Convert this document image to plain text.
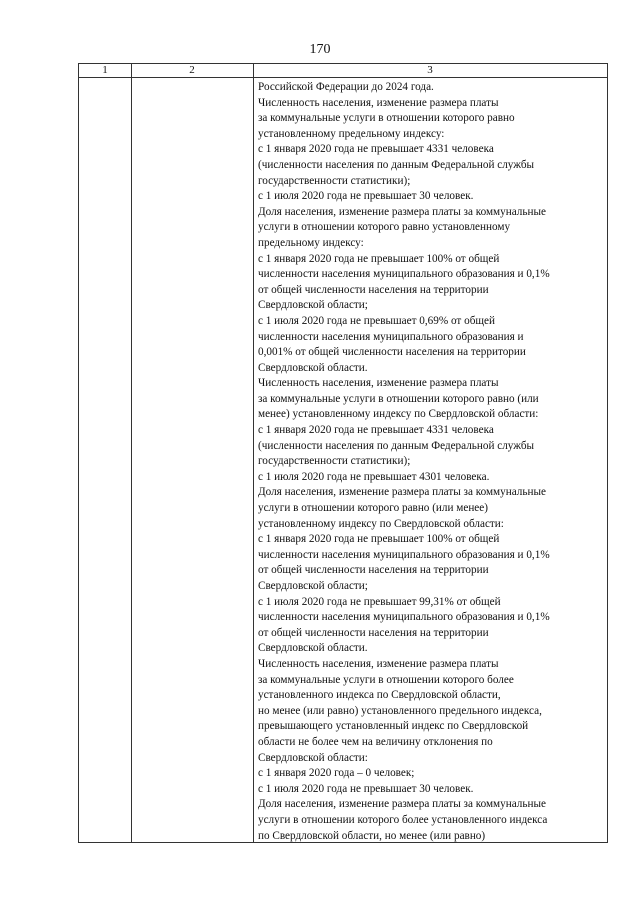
170
1	2	3
Российской Федерации до 2024 года.
Численность населения, изменение размера платы
за коммунальные услуги в отношении которого равно
установленному предельному индексу:
с 1 января 2020 года не превышает 4331 человека
(численности населения по данным Федеральной службы
государственности статистики);
с 1 июля 2020 года не превышает 30 человек.
Доля населения, изменение размера платы за коммунальные
услуги в отношении которого равно установленному
предельному индексу:
с 1 января 2020 года не превышает 100% от общей
численности населения муниципального образования и 0,1%
от общей численности населения на территории
Свердловской области;
с 1 июля 2020 года не превышает 0,69% от общей
численности населения муниципального образования и
0,001% от общей численности населения на территории
Свердловской области.
Численность населения, изменение размера платы
за коммунальные услуги в отношении которого равно (или
менее) установленному индексу по Свердловской области:
с 1 января 2020 года не превышает 4331 человека
(численности населения по данным Федеральной службы
государственности статистики);
с 1 июля 2020 года не превышает 4301 человека.
Доля населения, изменение размера платы за коммунальные
услуги в отношении которого равно (или менее)
установленному индексу по Свердловской области:
с 1 января 2020 года не превышает 100% от общей
численности населения муниципального образования и 0,1%
от общей численности населения на территории
Свердловской области;
с 1 июля 2020 года не превышает 99,31% от общей
численности населения муниципального образования и 0,1%
от общей численности населения на территории
Свердловской области.
Численность населения, изменение размера платы
за коммунальные услуги в отношении которого более
установленного индекса по Свердловской области,
но менее (или равно) установленного предельного индекса,
превышающего установленный индекс по Свердловской
области не более чем на величину отклонения по
Свердловской области:
с 1 января 2020 года – 0 человек;
с 1 июля 2020 года не превышает 30 человек.
Доля населения, изменение размера платы за коммунальные
услуги в отношении которого более установленного индекса
по Свердловской области, но менее (или равно)
